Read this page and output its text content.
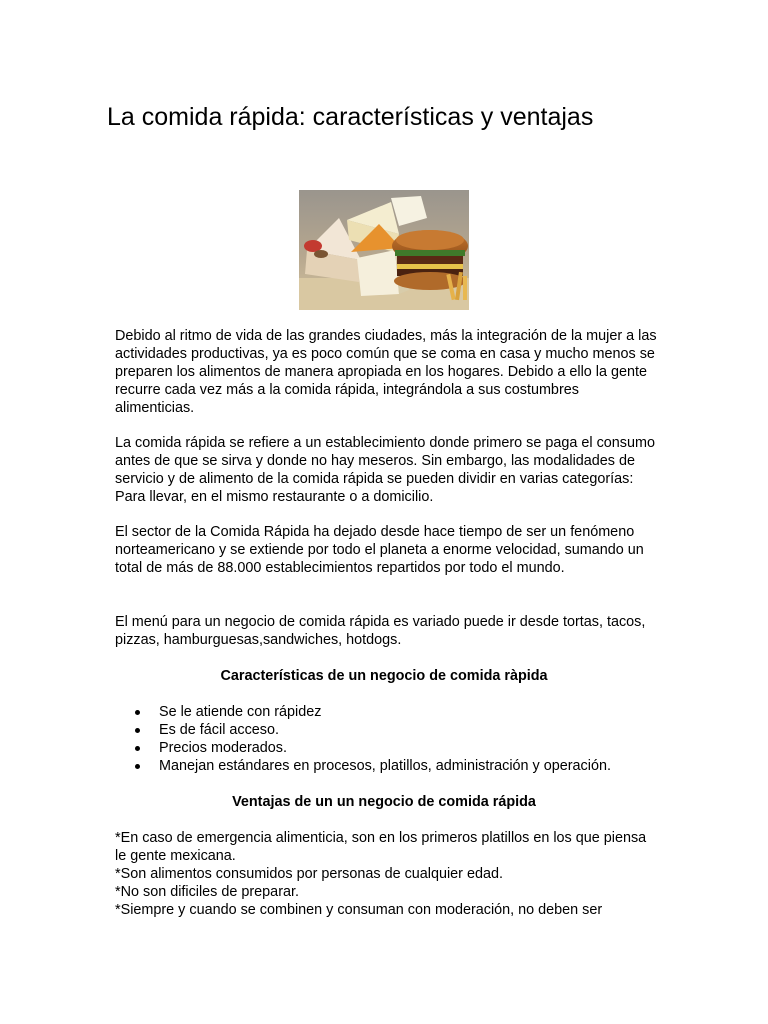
La comida rápida: características y ventajas

Debido al ritmo de vida de las grandes ciudades, más la integración de la mujer a las actividades productivas, ya es poco común que se coma en casa y mucho menos se preparen los alimentos de manera apropiada en los hogares. Debido a ello la gente recurre cada vez más a la comida rápida, integrándola a sus costumbres alimenticias.

La comida rápida se refiere a un establecimiento donde primero se paga el consumo antes de que se sirva y donde no hay meseros. Sin embargo, las modalidades de servicio y de alimento de la comida rápida se pueden dividir en varias categorías: Para llevar, en el mismo restaurante o a domicilio.

El sector de la Comida Rápida ha dejado desde hace tiempo de ser un fenómeno norteamericano y se extiende por todo el planeta a enorme velocidad, sumando un total de más de 88.000 establecimientos repartidos por todo el mundo.

El menú para un negocio de comida rápida es variado puede ir desde tortas, tacos, pizzas, hamburguesas,sandwiches, hotdogs.

Características de un negocio de comida ràpida
Se le atiende con rápidez
Es de fácil acceso.
Precios moderados.
Manejan estándares en procesos, platillos, administración y operación.
Ventajas de un un negocio de comida rápida
*En caso de emergencia alimenticia, son en los primeros platillos en los que piensa le gente mexicana.
*Son alimentos consumidos por personas de cualquier edad.
*No son dificiles de preparar.
*Siempre y cuando se combinen y consuman con moderación, no deben ser
